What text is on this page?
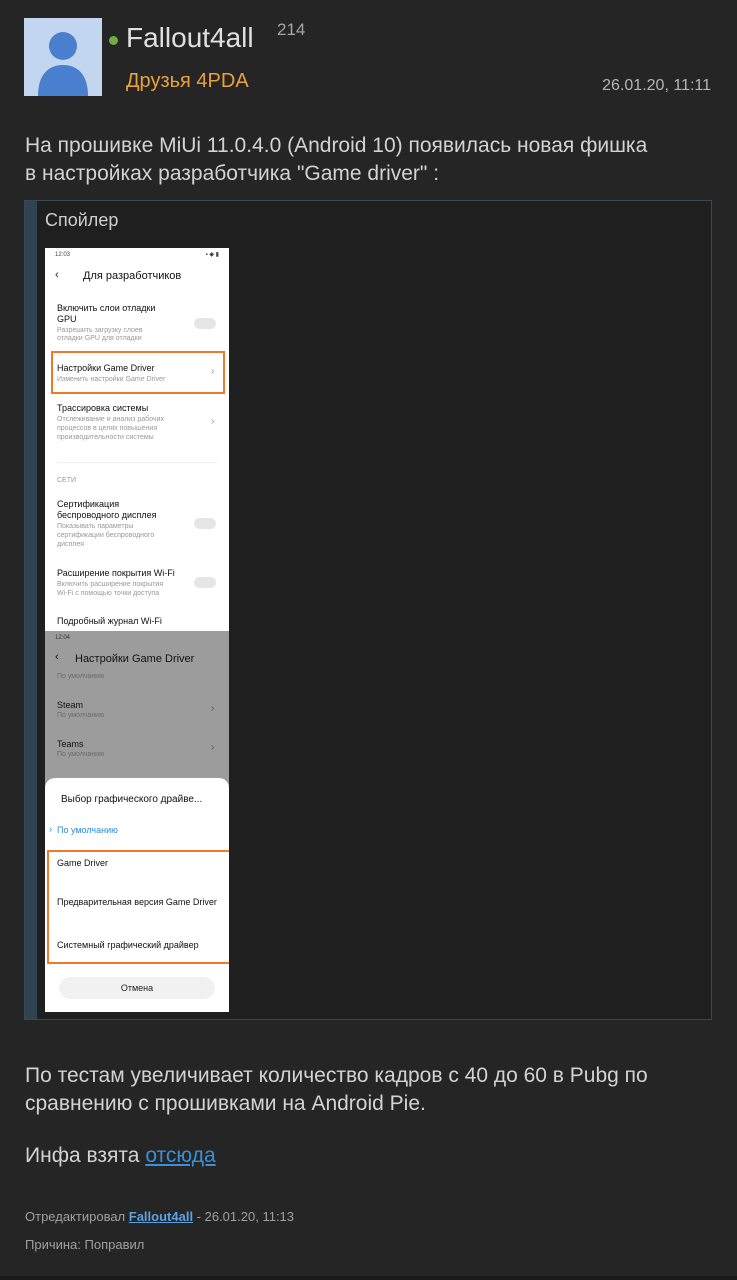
Fallout4all 214
Друзья 4PDA	26.01.20, 11:11
На прошивке MiUi 11.0.4.0 (Android 10) появилась новая фишка
в настройках разработчика "Game driver" :
Спойлер
12:03	▪ ◆ ▮
‹ Для разработчиков
Включить слои отладки
GPU
Разрешить загрузку слоев
отладки GPU для отладки
Настройки Game Driver
Изменить настройки Game Driver
›
Трассировка системы
Отслеживание и анализ рабочих
процессов в целях повышения
производительности системы
›
СЕТИ
Сертификация
беспроводного дисплея
Показывать параметры
сертификации беспроводного
дисплея
Расширение покрытия Wi-Fi
Включить расширение покрытия
Wi-Fi с помощью точки доступа
Подробный журнал Wi-Fi
12:04
‹ Настройки Game Driver
По умолчанию
Steam
По умолчанию
›
Teams
По умолчанию
›
Выбор графического драйве...
› По умолчанию
Game Driver
Предварительная версия Game Driver
Системный графический драйвер
Отмена
По тестам увеличивает количество кадров с 40 до 60 в Pubg по
сравнению с прошивками на Android Pie.
Инфа взята отсюда
Отредактировал Fallout4all - 26.01.20, 11:13
Причина: Поправил
